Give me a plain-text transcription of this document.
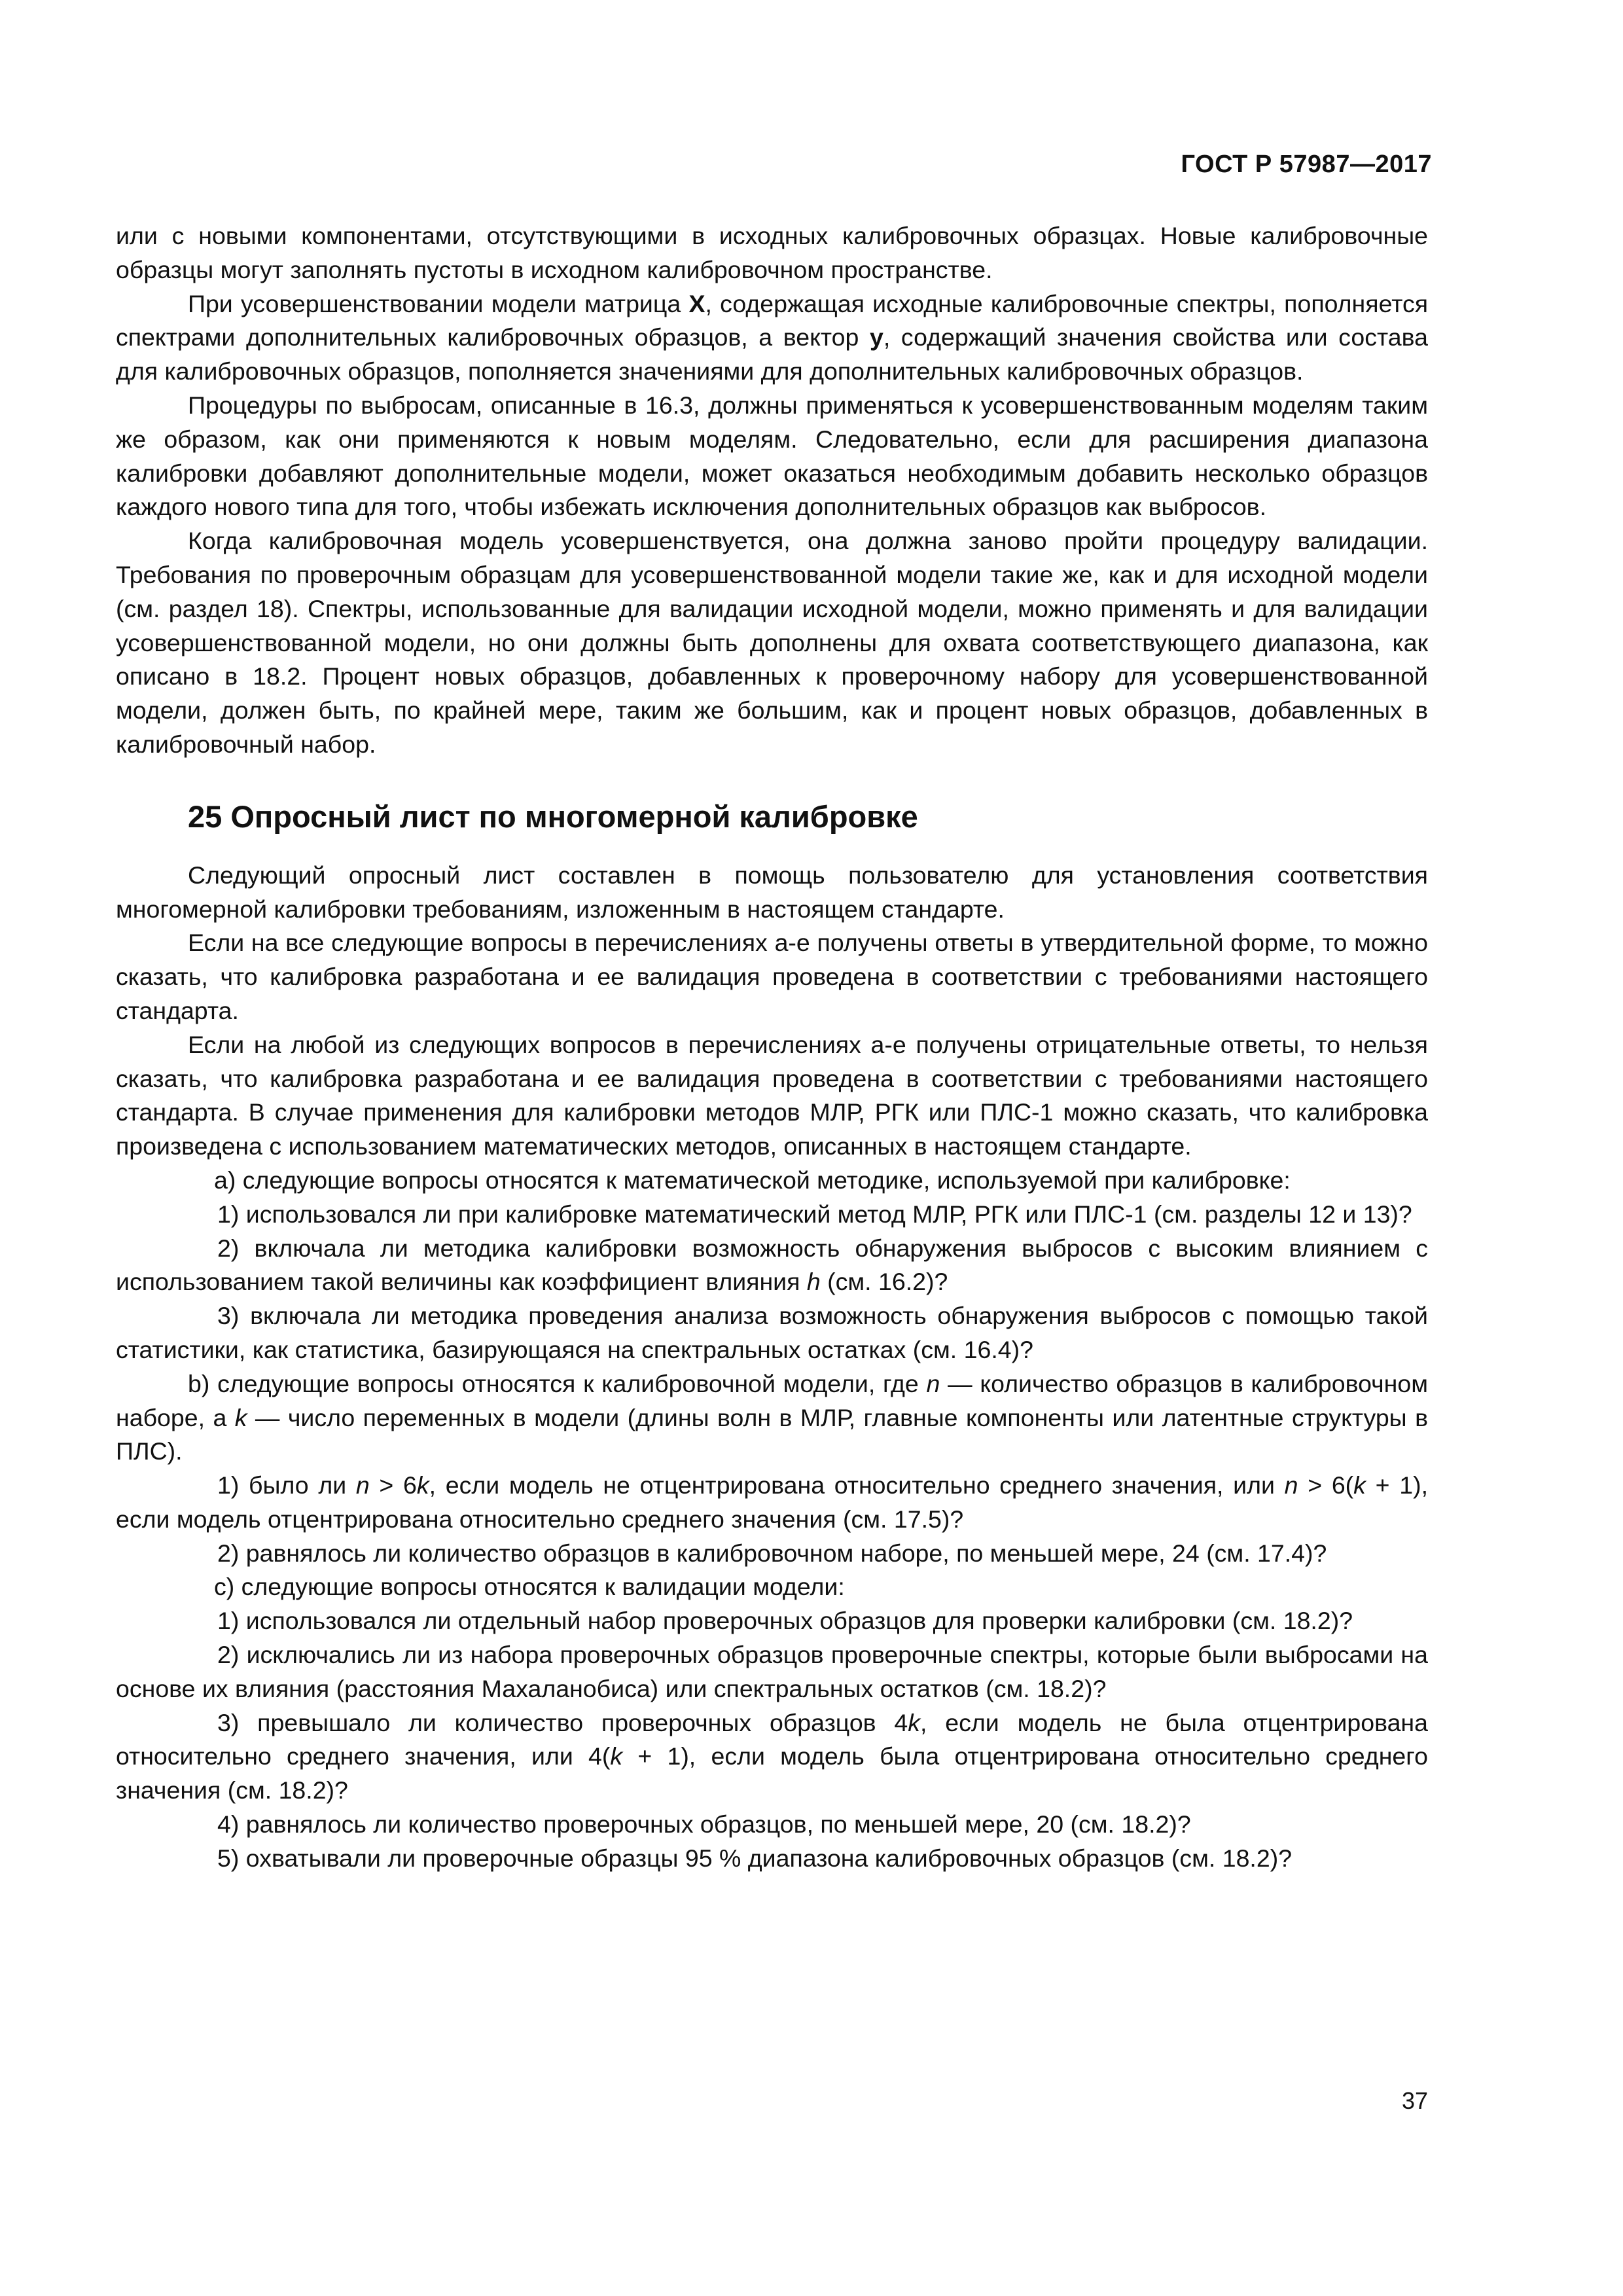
ГОСТ Р 57987—2017

или с новыми компонентами, отсутствующими в исходных калибровочных образцах. Новые калибровочные образцы могут заполнять пустоты в исходном калибровочном пространстве.

При усовершенствовании модели матрица X, содержащая исходные калибровочные спектры, пополняется спектрами дополнительных калибровочных образцов, а вектор y, содержащий значения свойства или состава для калибровочных образцов, пополняется значениями для дополнительных калибровочных образцов.

Процедуры по выбросам, описанные в 16.3, должны применяться к усовершенствованным моделям таким же образом, как они применяются к новым моделям. Следовательно, если для расширения диапазона калибровки добавляют дополнительные модели, может оказаться необходимым добавить несколько образцов каждого нового типа для того, чтобы избежать исключения дополнительных образцов как выбросов.

Когда калибровочная модель усовершенствуется, она должна заново пройти процедуру валидации. Требования по проверочным образцам для усовершенствованной модели такие же, как и для исходной модели (см. раздел 18). Спектры, использованные для валидации исходной модели, можно применять и для валидации усовершенствованной модели, но они должны быть дополнены для охвата соответствующего диапазона, как описано в 18.2. Процент новых образцов, добавленных к проверочному набору для усовершенствованной модели, должен быть, по крайней мере, таким же большим, как и процент новых образцов, добавленных в калибровочный набор.

25 Опросный лист по многомерной калибровке

Следующий опросный лист составлен в помощь пользователю для установления соответствия многомерной калибровки требованиям, изложенным в настоящем стандарте.

Если на все следующие вопросы в перечислениях а-е получены ответы в утвердительной форме, то можно сказать, что калибровка разработана и ее валидация проведена в соответствии с требованиями настоящего стандарта.

Если на любой из следующих вопросов в перечислениях а-е получены отрицательные ответы, то нельзя сказать, что калибровка разработана и ее валидация проведена в соответствии с требованиями настоящего стандарта. В случае применения для калибровки методов МЛР, РГК или ПЛС-1 можно сказать, что калибровка произведена с использованием математических методов, описанных в настоящем стандарте.

а) следующие вопросы относятся к математической методике, используемой при калибровке:

1) использовался ли при калибровке математический метод МЛР, РГК или ПЛС-1 (см. разделы 12 и 13)?

2) включала ли методика калибровки возможность обнаружения выбросов с высоким влиянием с использованием такой величины как коэффициент влияния h (см. 16.2)?

3) включала ли методика проведения анализа возможность обнаружения выбросов с помощью такой статистики, как статистика, базирующаяся на спектральных остатках (см. 16.4)?

b) следующие вопросы относятся к калибровочной модели, где n — количество образцов в калибровочном наборе, а k — число переменных в модели (длины волн в МЛР, главные компоненты или латентные структуры в ПЛС).

1) было ли n > 6k, если модель не отцентрирована относительно среднего значения, или n > 6(k + 1), если модель отцентрирована относительно среднего значения (см. 17.5)?

2) равнялось ли количество образцов в калибровочном наборе, по меньшей мере, 24 (см. 17.4)?

с) следующие вопросы относятся к валидации модели:

1) использовался ли отдельный набор проверочных образцов для проверки калибровки (см. 18.2)?

2) исключались ли из набора проверочных образцов проверочные спектры, которые были выбросами на основе их влияния (расстояния Махаланобиса) или спектральных остатков (см. 18.2)?

3) превышало ли количество проверочных образцов 4k, если модель не была отцентрирована относительно среднего значения, или 4(k + 1), если модель была отцентрирована относительно среднего значения (см. 18.2)?

4) равнялось ли количество проверочных образцов, по меньшей мере, 20 (см. 18.2)?

5) охватывали ли проверочные образцы 95 % диапазона калибровочных образцов (см. 18.2)?

37
